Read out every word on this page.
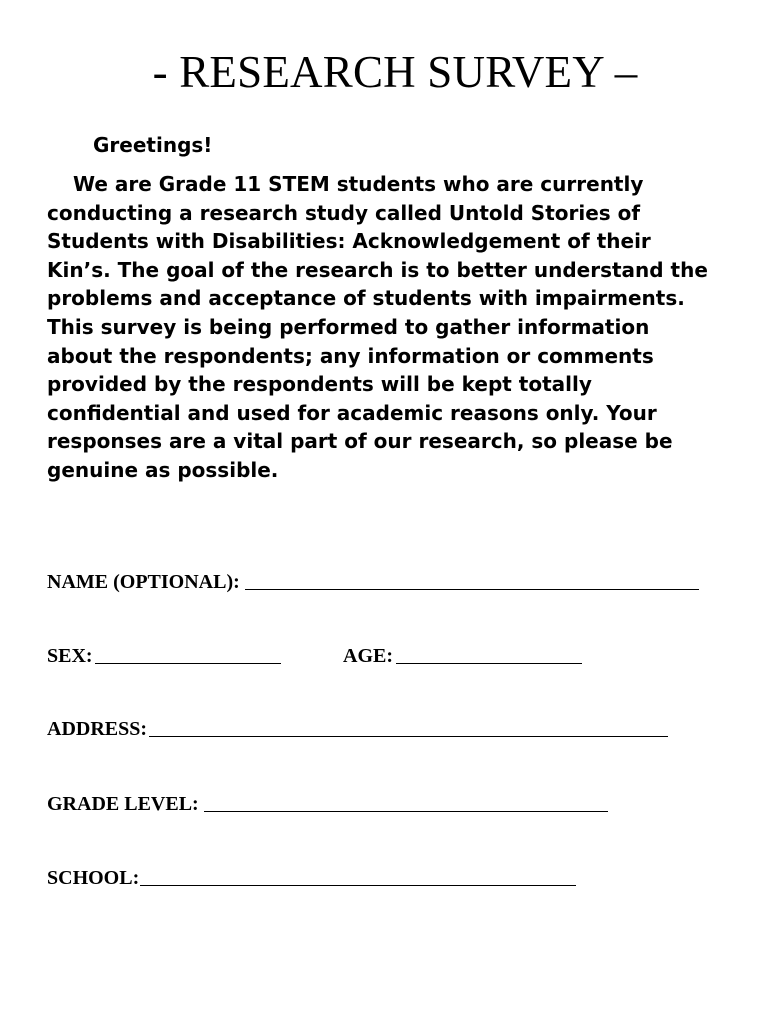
- RESEARCH SURVEY –

Greetings!

We are Grade 11 STEM students who are currently
conducting a research study called Untold Stories of
Students with Disabilities: Acknowledgement of their
Kin’s. The goal of the research is to better understand the
problems and acceptance of students with impairments.
This survey is being performed to gather information
about the respondents; any information or comments
provided by the respondents will be kept totally
confidential and used for academic reasons only. Your
responses are a vital part of our research, so please be
genuine as possible.

NAME (OPTIONAL):
SEX:	AGE:
ADDRESS:
GRADE LEVEL:
SCHOOL:
